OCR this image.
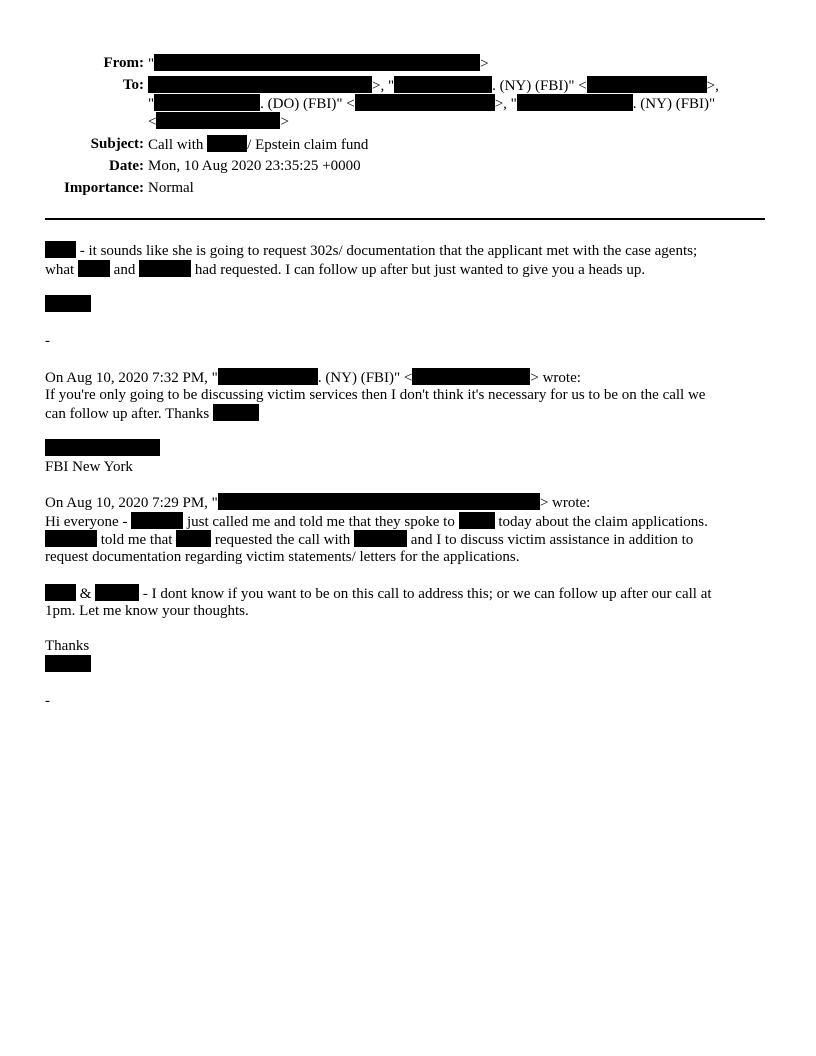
From: "	>
To:	>, "	. (NY) (FBI)" <	>,
"	. (DO) (FBI)" <	>, "	. (NY) (FBI)"
<	>
Subject: Call with	/ Epstein claim fund
Date: Mon, 10 Aug 2020 23:35:25 +0000
Importance: Normal
- it sounds like she is going to request 302s/ documentation that the applicant met with the case agents;
what	and	had requested. I can follow up after but just wanted to give you a heads up.
-
On Aug 10, 2020 7:32 PM, "	. (NY) (FBI)" <	> wrote:
If you're only going to be discussing victim services then I don't think it's necessary for us to be on the call we
can follow up after. Thanks
FBI New York
On Aug 10, 2020 7:29 PM, "	> wrote:
Hi everyone -	just called me and told me that they spoke to	today about the claim applications.
told me that	requested the call with	and I to discuss victim assistance in addition to
request documentation regarding victim statements/ letters for the applications.
&	- I dont know if you want to be on this call to address this; or we can follow up after our call at
1pm. Let me know your thoughts.
Thanks
-
